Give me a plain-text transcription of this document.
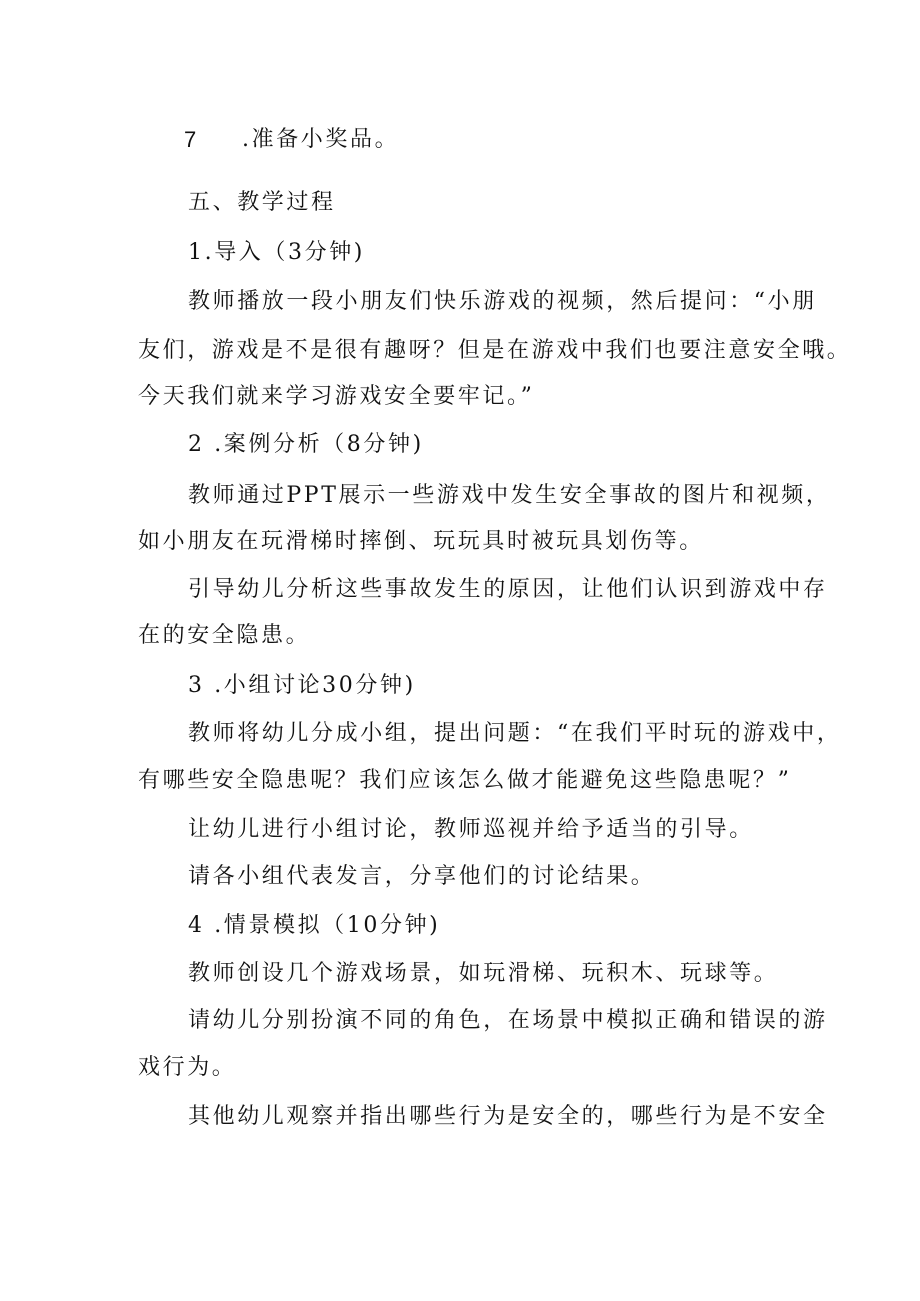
7 .准备小奖品。
五、教学过程
1.导入（3分钟)
教师播放一段小朋友们快乐游戏的视频，然后提问：“小朋
友们，游戏是不是很有趣呀？但是在游戏中我们也要注意安全哦。
今天我们就来学习游戏安全要牢记。”
2 .案例分析（8分钟)
教师通过PPT展示一些游戏中发生安全事故的图片和视频，
如小朋友在玩滑梯时摔倒、玩玩具时被玩具划伤等。
引导幼儿分析这些事故发生的原因，让他们认识到游戏中存
在的安全隐患。
3 .小组讨论30分钟)
教师将幼儿分成小组，提出问题：“在我们平时玩的游戏中，
有哪些安全隐患呢？我们应该怎么做才能避免这些隐患呢？”
让幼儿进行小组讨论，教师巡视并给予适当的引导。
请各小组代表发言，分享他们的讨论结果。
4 .情景模拟（10分钟)
教师创设几个游戏场景，如玩滑梯、玩积木、玩球等。
请幼儿分别扮演不同的角色，在场景中模拟正确和错误的游
戏行为。
其他幼儿观察并指出哪些行为是安全的，哪些行为是不安全
